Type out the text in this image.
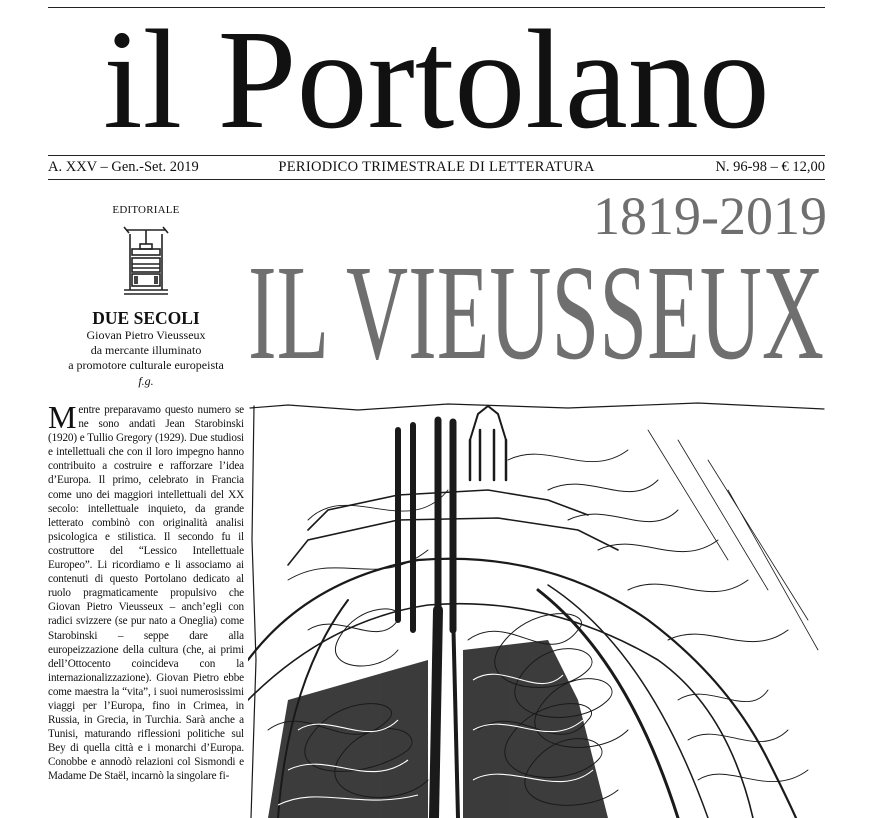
il Portolano
A. XXV – Gen.-Set. 2019	PERIODICO TRIMESTRALE DI LETTERATURA	N. 96-98 – € 12,00
EDITORIALE
DUE SECOLI
Giovan Pietro Vieusseux
da mercante illuminato
a promotore culturale europeista
f.g.
Mentre preparavamo questo numero se ne sono andati Jean Starobinski (1920) e Tullio Gregory (1929). Due studiosi e intellettuali che con il loro impegno hanno contribuito a costruire e rafforzare l’idea d’Europa. Il primo, celebrato in Francia come uno dei maggiori intellettuali del XX secolo: intellettuale inquieto, da grande letterato combinò con originalità analisi psicologica e stilistica. Il secondo fu il costruttore del “Lessico Intellettuale Europeo”. Li ricordiamo e li associamo ai contenuti di questo Portolano dedicato al ruolo pragmaticamente propulsivo che Giovan Pietro Vieusseux – anch’egli con radici svizzere (se pur nato a Oneglia) come Starobinski – seppe dare alla europeizzazione della cultura (che, ai primi dell’Ottocento coincideva con la internazionalizzazione). Giovan Pietro ebbe come maestra la “vita”, i suoi numerosissimi viaggi per l’Europa, fino in Crimea, in Russia, in Grecia, in Turchia. Sarà anche a Tunisi, maturando riflessioni politiche sul Bey di quella città e i monarchi d’Europa. Conobbe e annodò relazioni col Sismondi e Madame De Staël, incarnò la singolare fi-
1819-2019
IL VIEUSSEUX
